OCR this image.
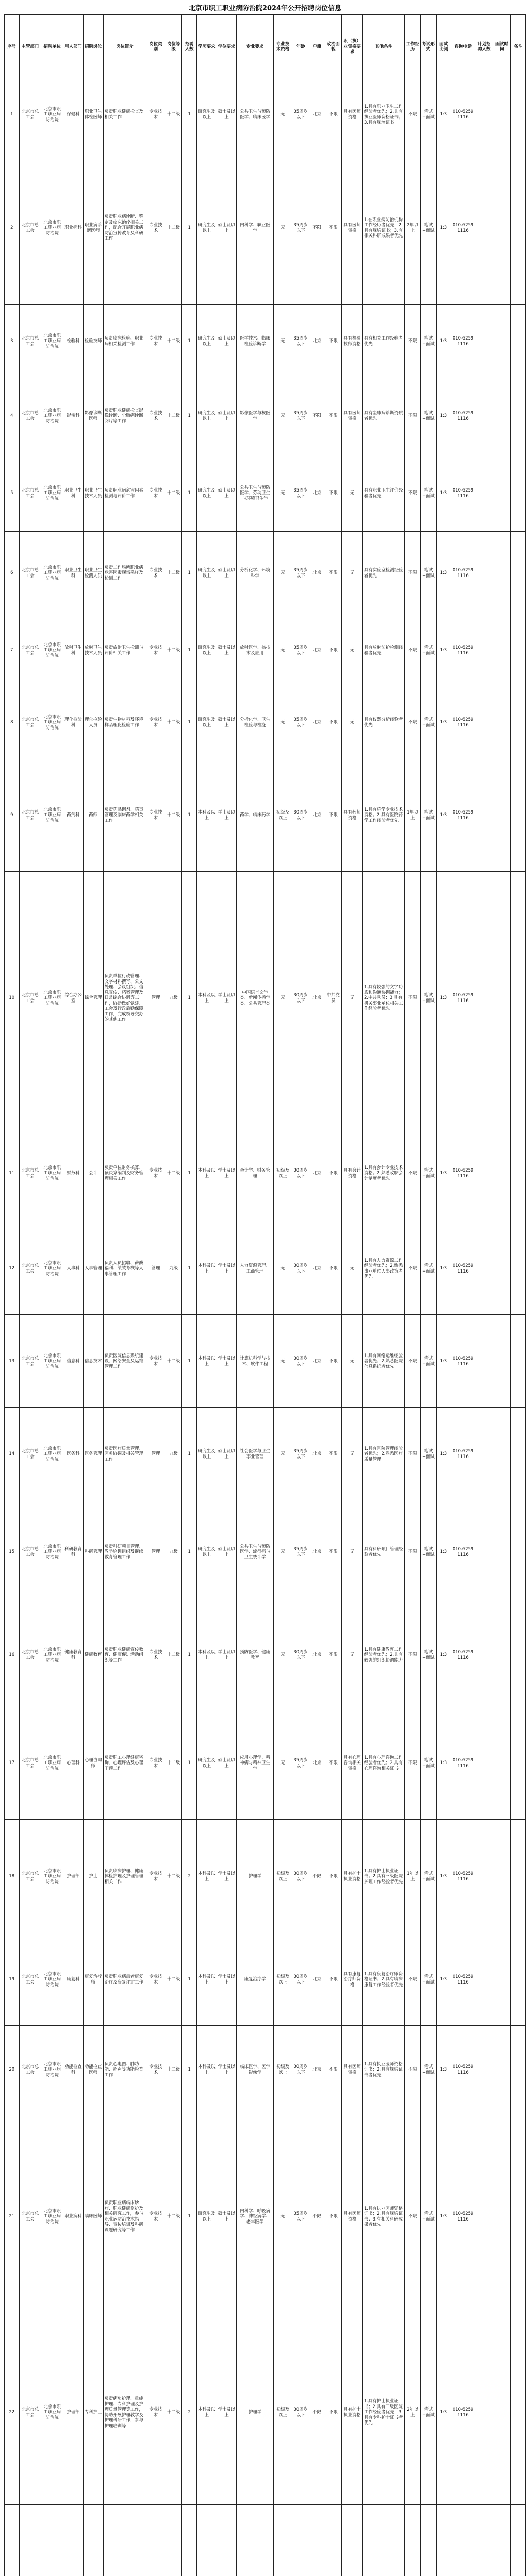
北京市职工职业病防治院2024年公开招聘岗位信息
序号	主管部门	招聘单位	用人部门	招聘岗位	岗位简介	岗位类别	岗位等级	招聘人数	学历要求	学位要求	专业要求	专业技术资格	年龄	户籍	政治面貌	职（执）业资格要求	其他条件	工作经历	考试形式	面试比例	咨询电话	计划招聘人数	面试时间	备注
1	北京市总工会	北京市职工职业病防治院	保健科	职业卫生体检医师	负责职业健康检查及相关工作	专业技术	十二级	1	研究生及以上	硕士及以上	公共卫生与预防医学、临床医学	无	35周岁以下	北京	不限	具有医师资格	1.具有职业卫生工作经验者优先；2.具有执业医师资格证书；3.具有规培证书	不限	笔试+面试	1:3	010-62591116			
2	北京市总工会	北京市职工职业病防治院	职业病科	职业病诊断医师	负责职业病诊断、鉴定及临床治疗相关工作，配合开展职业病防治宣传教育及科研工作	专业技术	十二级	1	研究生及以上	硕士及以上	内科学、职业医学	无	35周岁以下	不限	不限	具有医师资格	1.在职业病防治机构工作经历者优先；2.具有规培证书；3.有相关科研成果者优先	2年以上	笔试+面试	1:3	010-62591116			
3	北京市总工会	北京市职工职业病防治院	检验科	检验技师	负责临床检验、职业病相关检测工作	专业技术	十二级	1	研究生及以上	硕士及以上	医学技术、临床检验诊断学	无	35周岁以下	北京	不限	具有检验技师资格	具有相关工作经验者优先	不限	笔试+面试	1:3	010-62591116			
4	北京市总工会	北京市职工职业病防治院	影像科	影像诊断医师	负责职业健康检查影像诊断、尘肺病诊断阅片等工作	专业技术	十二级	1	研究生及以上	硕士及以上	影像医学与核医学	无	35周岁以下	不限	不限	具有医师资格	具有尘肺病诊断资质者优先	不限	笔试+面试	1:3	010-62591116			
5	北京市总工会	北京市职工职业病防治院	职业卫生科	职业卫生技术人员	负责职业病危害因素检测与评价工作	专业技术	十二级	1	研究生及以上	硕士及以上	公共卫生与预防医学、劳动卫生与环境卫生学	无	35周岁以下	北京	不限	无	具有职业卫生评价经验者优先	不限	笔试+面试	1:3	010-62591116			
6	北京市总工会	北京市职工职业病防治院	职业卫生科	职业卫生检测人员	负责工作场所职业病危害因素现场采样及检测工作	专业技术	十二级	1	研究生及以上	硕士及以上	分析化学、环境科学	无	35周岁以下	北京	不限	无	具有实验室检测经验者优先	不限	笔试+面试	1:3	010-62591116			
7	北京市总工会	北京市职工职业病防治院	放射卫生科	放射卫生技术人员	负责放射卫生检测与评价相关工作	专业技术	十二级	1	研究生及以上	硕士及以上	放射医学、核技术及应用	无	35周岁以下	北京	不限	无	具有放射防护检测经验者优先	不限	笔试+面试	1:3	010-62591116			
8	北京市总工会	北京市职工职业病防治院	理化检验科	理化检验人员	负责生物材料及环境样品理化检验工作	专业技术	十二级	1	研究生及以上	硕士及以上	分析化学、卫生检验与检疫	无	35周岁以下	北京	不限	无	具有仪器分析经验者优先	不限	笔试+面试	1:3	010-62591116			
9	北京市总工会	北京市职工职业病防治院	药剂科	药师	负责药品调剂、药事管理及临床药学相关工作	专业技术	十二级	1	本科及以上	学士及以上	药学、临床药学	初级及以上	30周岁以下	北京	不限	具有药师资格	1.具有药学专业技术资格；2.具有医院药学工作经验者优先	1年以上	笔试+面试	1:3	010-62591116			
10	北京市总工会	北京市职工职业病防治院	综合办公室	综合管理	负责单位行政管理、文字材料撰写、公文处理、会议组织、信息宣传、档案管理及日常综合协调等工作，协助做好党建、工会及行政后勤保障工作，完成领导交办的其他工作	管理	九级	1	本科及以上	学士及以上	中国语言文学类、新闻传播学类、公共管理类	无	30周岁以下	北京	中共党员	无	1.具有较强的文字功底和沟通协调能力；2.中共党员；3.具有机关事业单位相关工作经验者优先	不限	笔试+面试	1:3	010-62591116			
11	北京市总工会	北京市职工职业病防治院	财务科	会计	负责单位财务核算、预决算编制及财务管理相关工作	专业技术	十二级	1	本科及以上	学士及以上	会计学、财务管理	初级及以上	30周岁以下	北京	不限	具有会计资格	1.具有会计专业技术资格；2.熟悉政府会计制度者优先	不限	笔试+面试	1:3	010-62591116			
12	北京市总工会	北京市职工职业病防治院	人事科	人事管理	负责人员招聘、薪酬福利、绩效考核等人事管理工作	管理	九级	1	本科及以上	学士及以上	人力资源管理、工商管理	无	30周岁以下	北京	不限	无	1.具有人力资源工作经验者优先；2.熟悉事业单位人事政策者优先	不限	笔试+面试	1:3	010-62591116			
13	北京市总工会	北京市职工职业病防治院	信息科	信息技术	负责医院信息系统建设、网络安全及运维管理工作	专业技术	十二级	1	本科及以上	学士及以上	计算机科学与技术、软件工程	无	30周岁以下	北京	不限	无	1.具有网络运维经验者优先；2.熟悉医院信息系统者优先	不限	笔试+面试	1:3	010-62591116			
14	北京市总工会	北京市职工职业病防治院	医务科	医务管理	负责医疗质量管理、医务协调及相关管理工作	管理	九级	1	研究生及以上	硕士及以上	社会医学与卫生事业管理	无	35周岁以下	北京	不限	无	1.具有医院管理经验者优先；2.熟悉医疗质量管理	不限	笔试+面试	1:3	010-62591116			
15	北京市总工会	北京市职工职业病防治院	科研教育科	科研管理	负责科研项目管理、教学培训组织及继续教育管理工作	管理	九级	1	研究生及以上	硕士及以上	公共卫生与预防医学、流行病与卫生统计学	无	35周岁以下	北京	不限	无	具有科研项目管理经验者优先	不限	笔试+面试	1:3	010-62591116			
16	北京市总工会	北京市职工职业病防治院	健康教育科	健康教育	负责职业健康宣传教育、健康促进活动组织等工作	专业技术	十二级	1	本科及以上	学士及以上	预防医学、健康教育	无	30周岁以下	北京	不限	无	1.具有健康教育工作经验者优先；2.具有较强的组织协调能力	不限	笔试+面试	1:3	010-62591116			
17	北京市总工会	北京市职工职业病防治院	心理科	心理咨询师	负责职工心理健康咨询、心理评估及心理干预工作	专业技术	十二级	1	研究生及以上	硕士及以上	应用心理学、精神病与精神卫生学	无	35周岁以下	北京	不限	具有心理咨询相关资格	1.具有心理咨询工作经验者优先；2.具有心理咨询相关证书	不限	笔试+面试	1:3	010-62591116			
18	北京市总工会	北京市职工职业病防治院	护理部	护士	负责临床护理、健康体检护理及护理管理相关工作	专业技术	十二级	2	本科及以上	学士及以上	护理学	初级及以上	30周岁以下	不限	不限	具有护士执业资格	1.具有护士执业证书；2.具有三级医院护理工作经验者优先	1年以上	笔试+面试	1:3	010-62591116			
19	北京市总工会	北京市职工职业病防治院	康复科	康复治疗师	负责职业病患者康复治疗及康复评定工作	专业技术	十二级	1	本科及以上	学士及以上	康复治疗学	初级及以上	30周岁以下	北京	不限	具有康复治疗师资格	1.具有康复治疗师资格证书；2.具有临床康复工作经验者优先	不限	笔试+面试	1:3	010-62591116			
20	北京市总工会	北京市职工职业病防治院	功能检查科	功能检查医师	负责心电图、肺功能、超声等功能检查工作	专业技术	十二级	1	本科及以上	学士及以上	临床医学、医学影像学	初级及以上	30周岁以下	北京	不限	具有医师资格	1.具有执业医师资格证书；2.具有规培证书者优先	不限	笔试+面试	1:3	010-62591116			
21	北京市总工会	北京市职工职业病防治院	职业病科	临床医师	负责职业病临床诊疗、职业健康监护及相关研究工作，参与职业病防治技术指导、宣传培训及科研课题研究等工作	专业技术	十二级	1	研究生及以上	硕士及以上	内科学、呼吸病学、神经病学、老年医学	无	35周岁以下	不限	不限	具有医师资格	1.具有执业医师资格证书；2.具有规培证书；3.有相关科研成果者优先	不限	笔试+面试	1:3	010-62591116			
22	北京市总工会	北京市职工职业病防治院	护理部	专科护士	负责病房护理、重症护理、专科护理及护理质量管理等工作，协助开展护理教学及护理科研工作，参与护理培训等	专业技术	十二级	2	本科及以上	学士及以上	护理学	初级及以上	30周岁以下	不限	不限	具有护士执业资格	1.具有护士执业证书；2.具有三级医院工作经验者优先；3.具有专科护士证书者优先	2年以上	笔试+面试	1:3	010-62591116			
